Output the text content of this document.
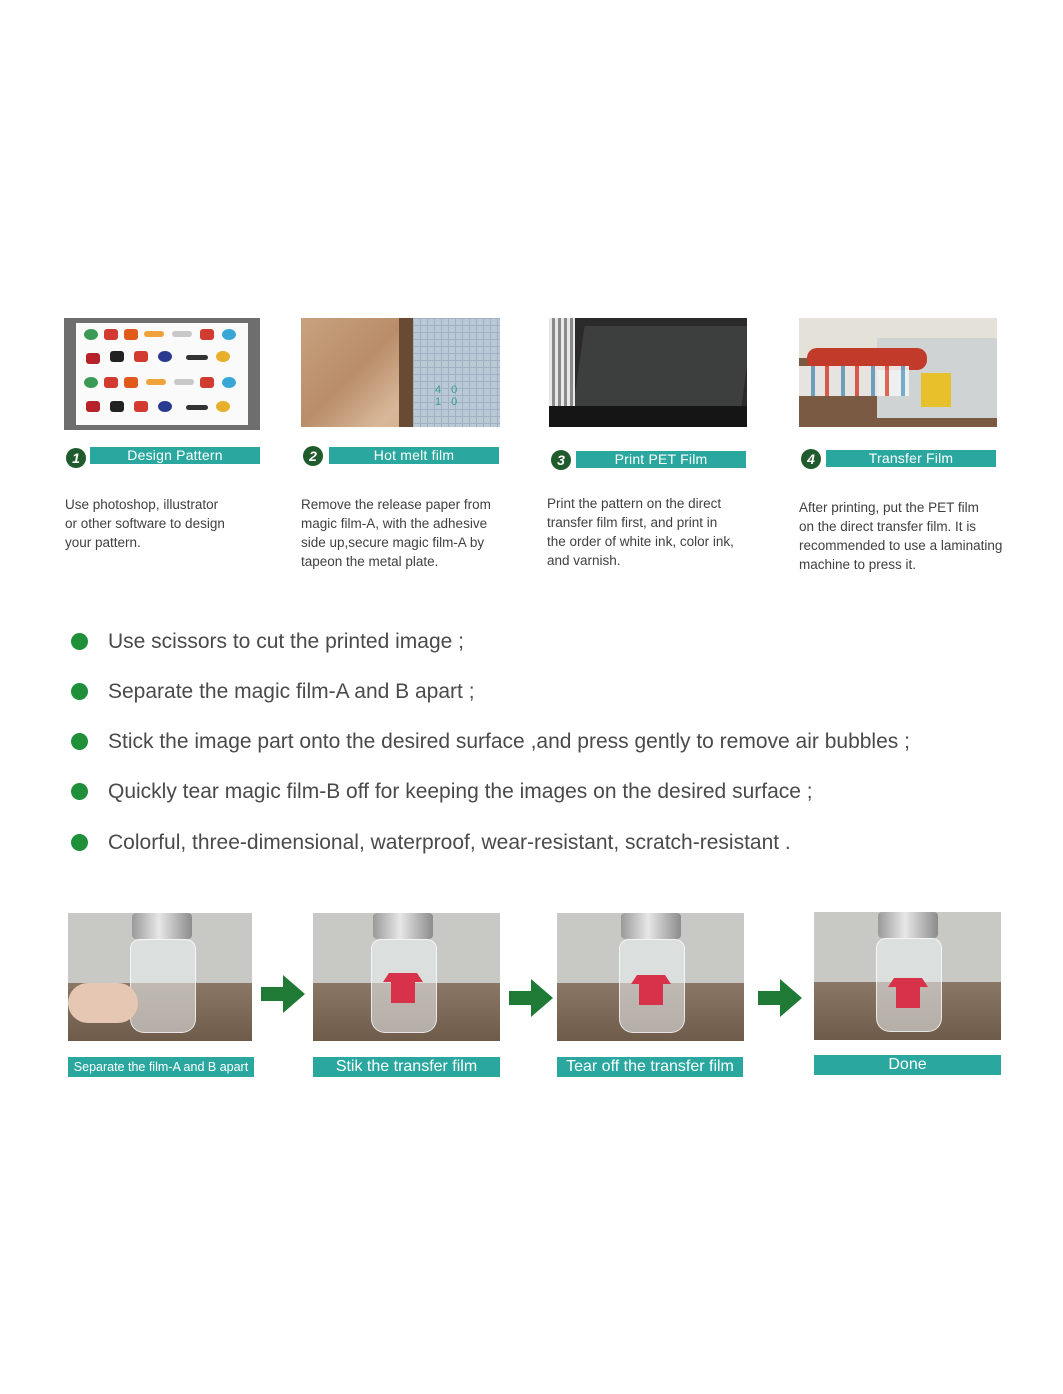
1	Design Pattern
Use photoshop, illustrator
or other software to design
your pattern.
40 10
2	Hot melt film
Remove the release paper from
magic film-A, with the adhesive
side up,secure magic film-A by
tapeon the metal plate.
3	Print PET Film
Print the pattern on the direct
transfer film first, and print in
the order of white ink, color ink,
and varnish.
4	Transfer Film
After printing, put the PET film
on the direct transfer film. It is
recommended to use a laminating
machine to press it.
Use scissors to cut the printed image ;
Separate the magic film-A and B apart ;
Stick the image part onto the desired surface ,and press gently to remove air bubbles ;
Quickly tear magic film-B off for keeping the images on the desired surface ;
Colorful, three-dimensional, waterproof, wear-resistant, scratch-resistant .
Separate the film-A and B apart	Stik the transfer film	Tear off the transfer film	Done
